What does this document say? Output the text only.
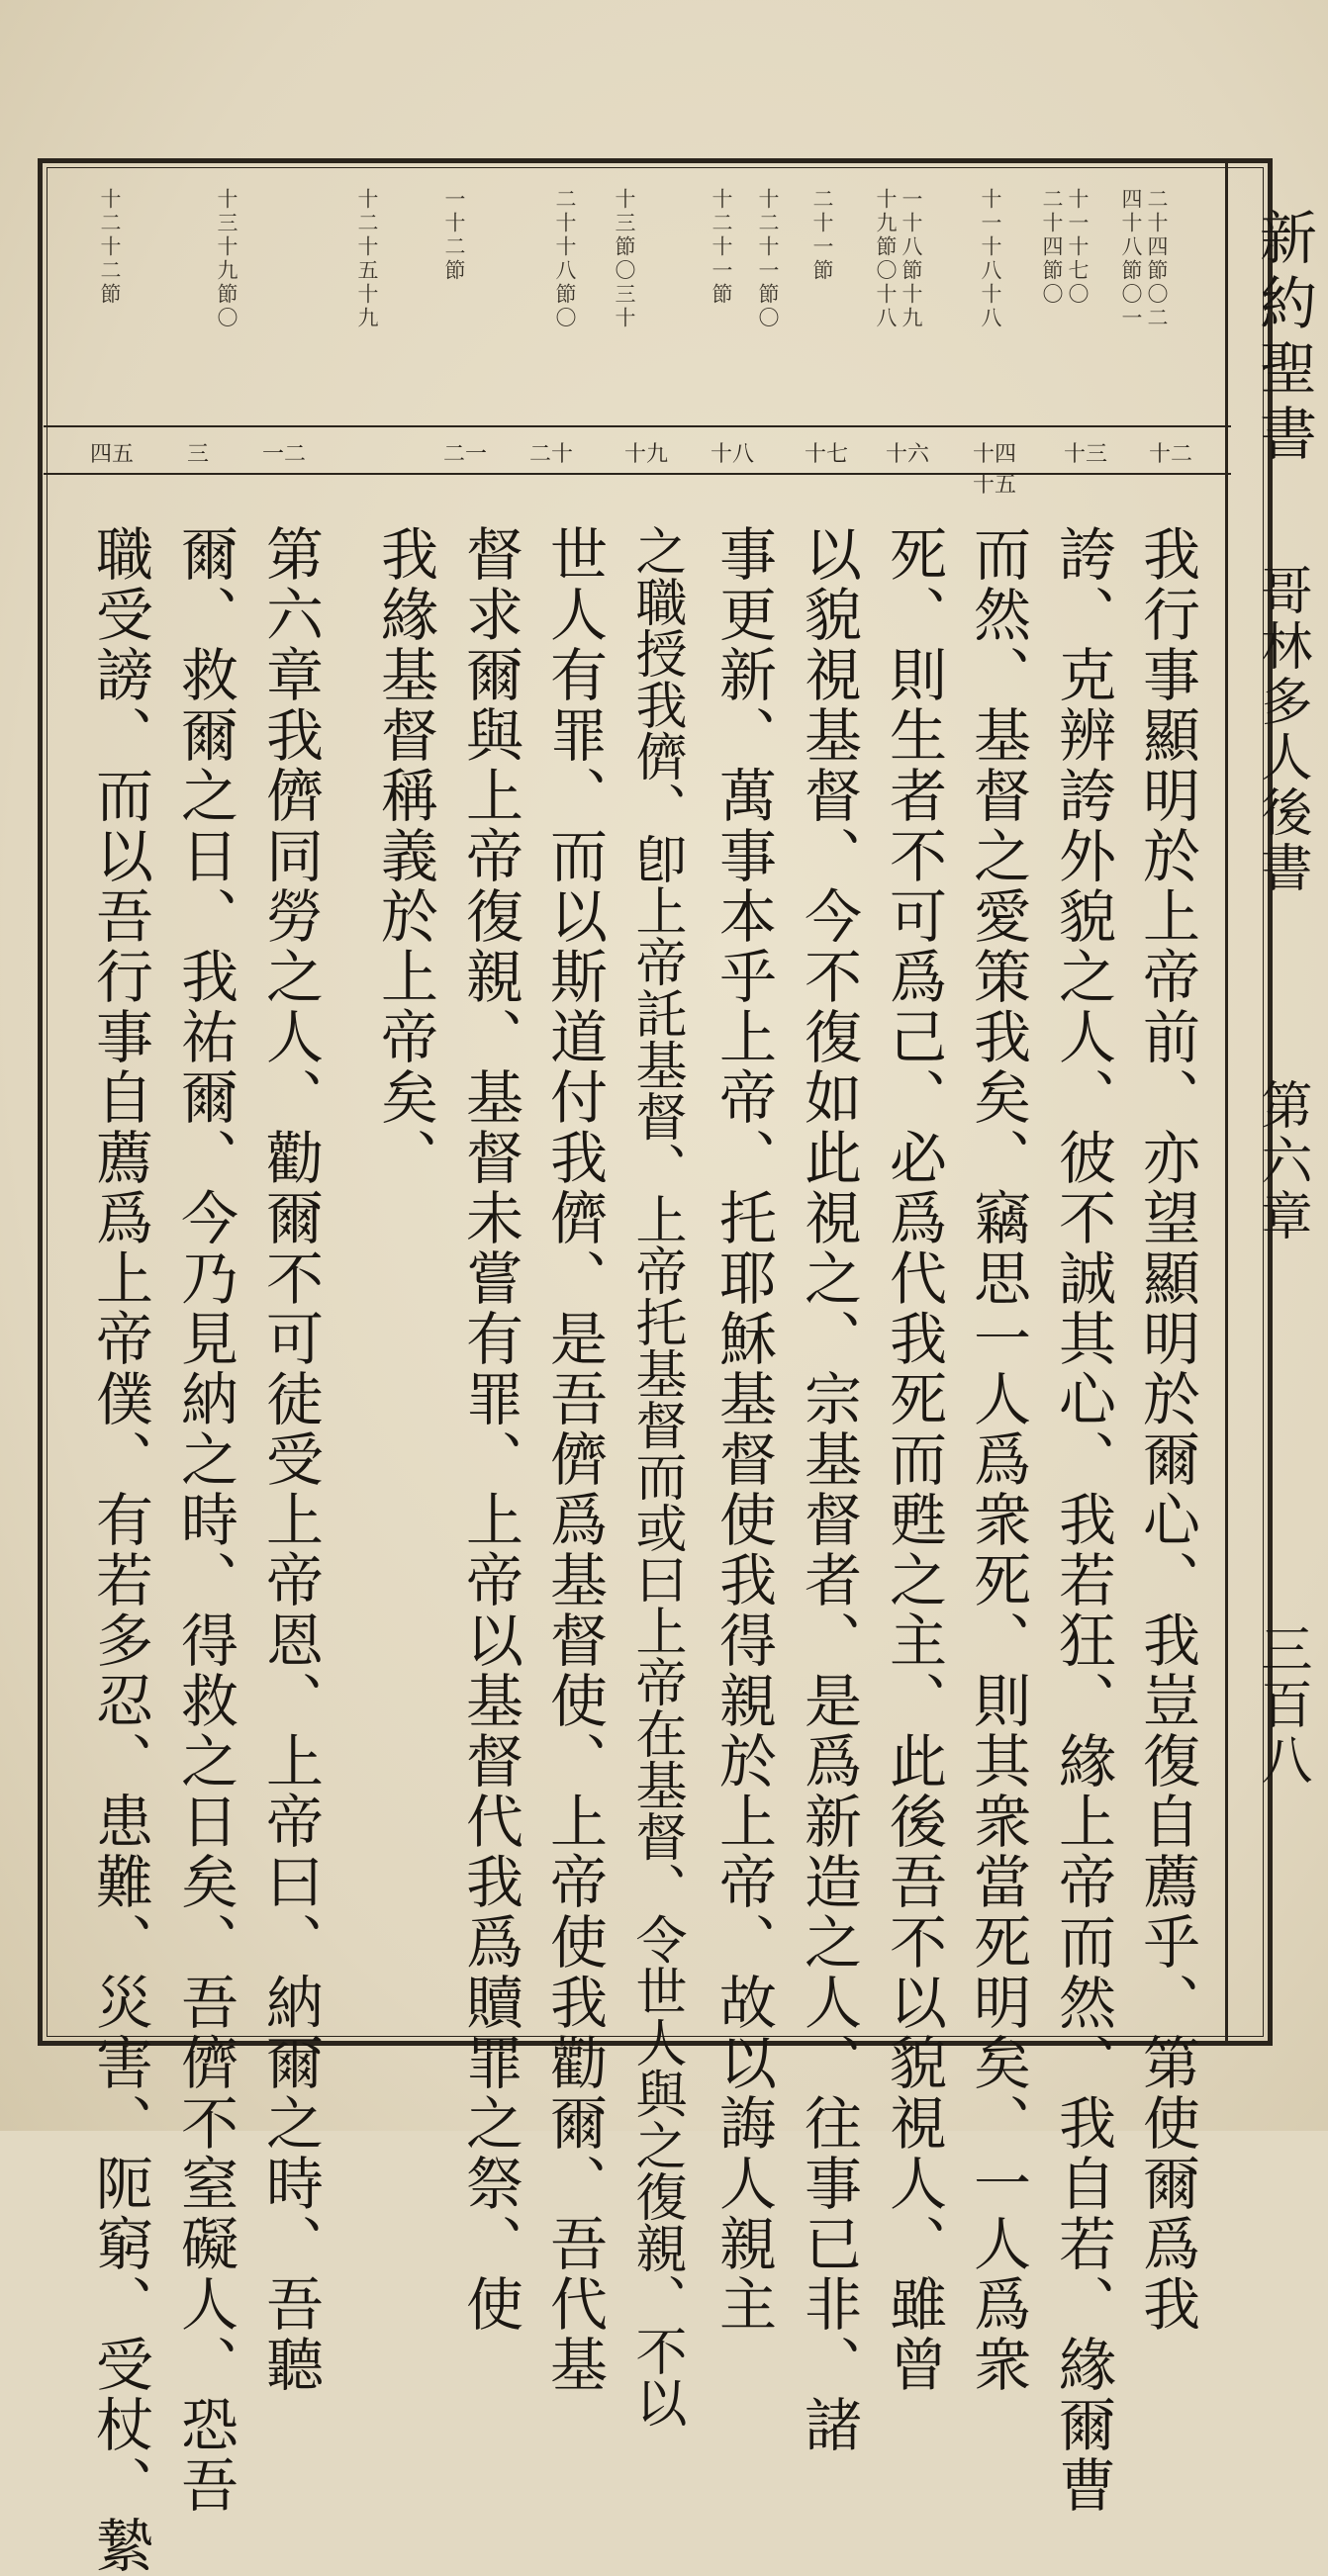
新約聖書
哥林多人後書
第六章
三百八
二十四節〇二
四十八節〇一
十一十七〇
二十四節〇
十一十八十八
一十八節十九
十九節〇十八
二十一節
十二十一節〇
十二十一節
十三節〇三十
二十十八節〇
一十二節
十二十五十九
十三十九節〇
十二十二節
十二
十三
十四十五
十六
十七
十八
十九
二十
二一
一二
三
四五
我行事顯明於上帝前、亦望顯明於爾心、我豈復自薦乎、第使爾爲我
誇、克辨誇外貌之人、彼不誠其心、我若狂、緣上帝而然、我自若、緣爾曹
而然、基督之愛策我矣、竊思一人爲衆死、則其衆當死明矣、一人爲衆
死、則生者不可爲己、必爲代我死而甦之主、此後吾不以貌視人、雖曾
以貌視基督、今不復如此視之、宗基督者、是爲新造之人、往事已非、諸
事更新、萬事本乎上帝、托耶穌基督使我得親於上帝、故以誨人親主
之職授我儕、卽上帝託基督、上帝托基督而或曰上帝在基督、令世人與之復親、不以
世人有罪、而以斯道付我儕、是吾儕爲基督使、上帝使我勸爾、吾代基
督求爾與上帝復親、基督未嘗有罪、上帝以基督代我爲贖罪之祭、使
我緣基督稱義於上帝矣、
第六章我儕同勞之人、勸爾不可徒受上帝恩、上帝曰、納爾之時、吾聽
爾、救爾之日、我祐爾、今乃見納之時、得救之日矣、吾儕不窒礙人、恐吾
職受謗、而以吾行事自薦爲上帝僕、有若多忍、患難、災害、阨窮、受杖、縶
